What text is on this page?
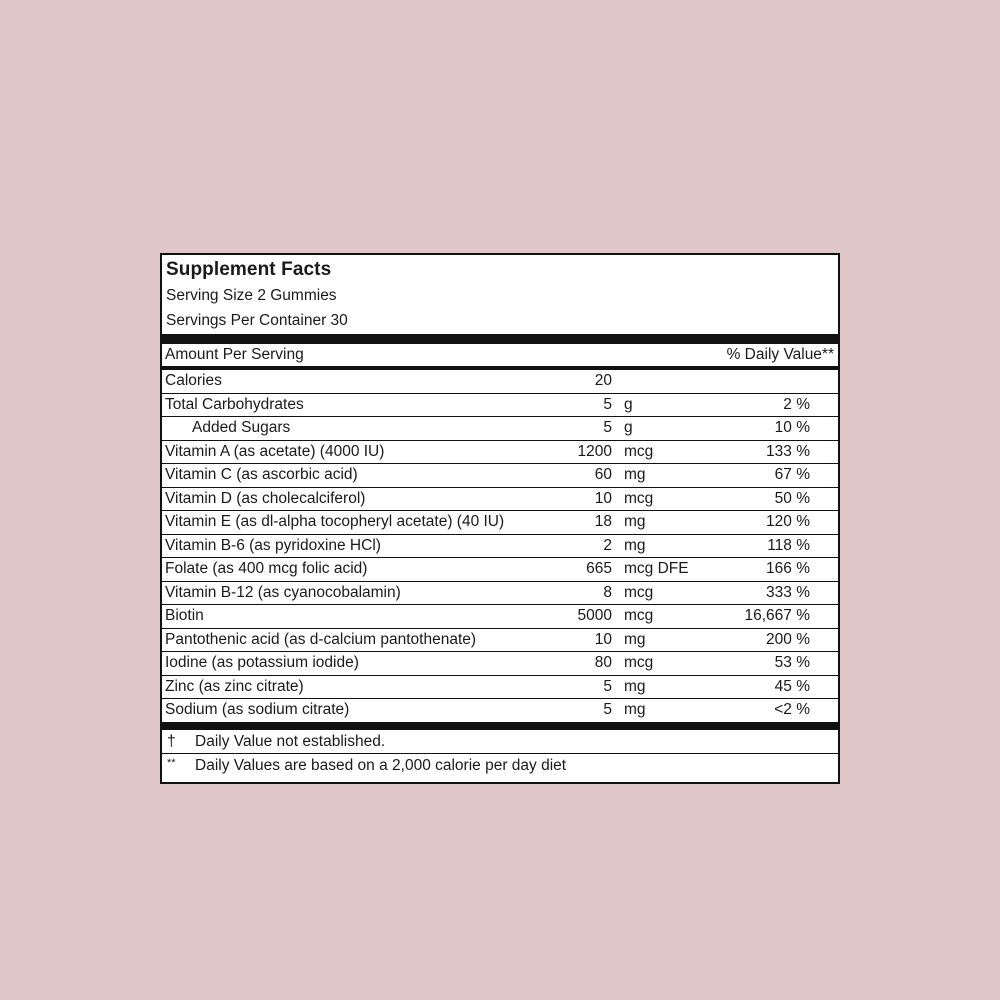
Supplement Facts
Serving Size 2 Gummies
Servings Per Container 30
Amount Per Serving	% Daily Value**
Calories	20
Total Carbohydrates	5 g	2 %
Added Sugars	5 g	10 %
Vitamin A (as acetate) (4000 IU)	1200 mcg	133 %
Vitamin C (as ascorbic acid)	60 mg	67 %
Vitamin D (as cholecalciferol)	10 mcg	50 %
Vitamin E (as dl-alpha tocopheryl acetate) (40 IU)	18 mg	120 %
Vitamin B-6 (as pyridoxine HCl)	2 mg	118 %
Folate (as 400 mcg folic acid)	665 mcg DFE	166 %
Vitamin B-12 (as cyanocobalamin)	8 mcg	333 %
Biotin	5000 mcg	16,667 %
Pantothenic acid (as d-calcium pantothenate)	10 mg	200 %
Iodine (as potassium iodide)	80 mcg	53 %
Zinc (as zinc citrate)	5 mg	45 %
Sodium (as sodium citrate)	5 mg	<2 %
† Daily Value not established.
** Daily Values are based on a 2,000 calorie per day diet
